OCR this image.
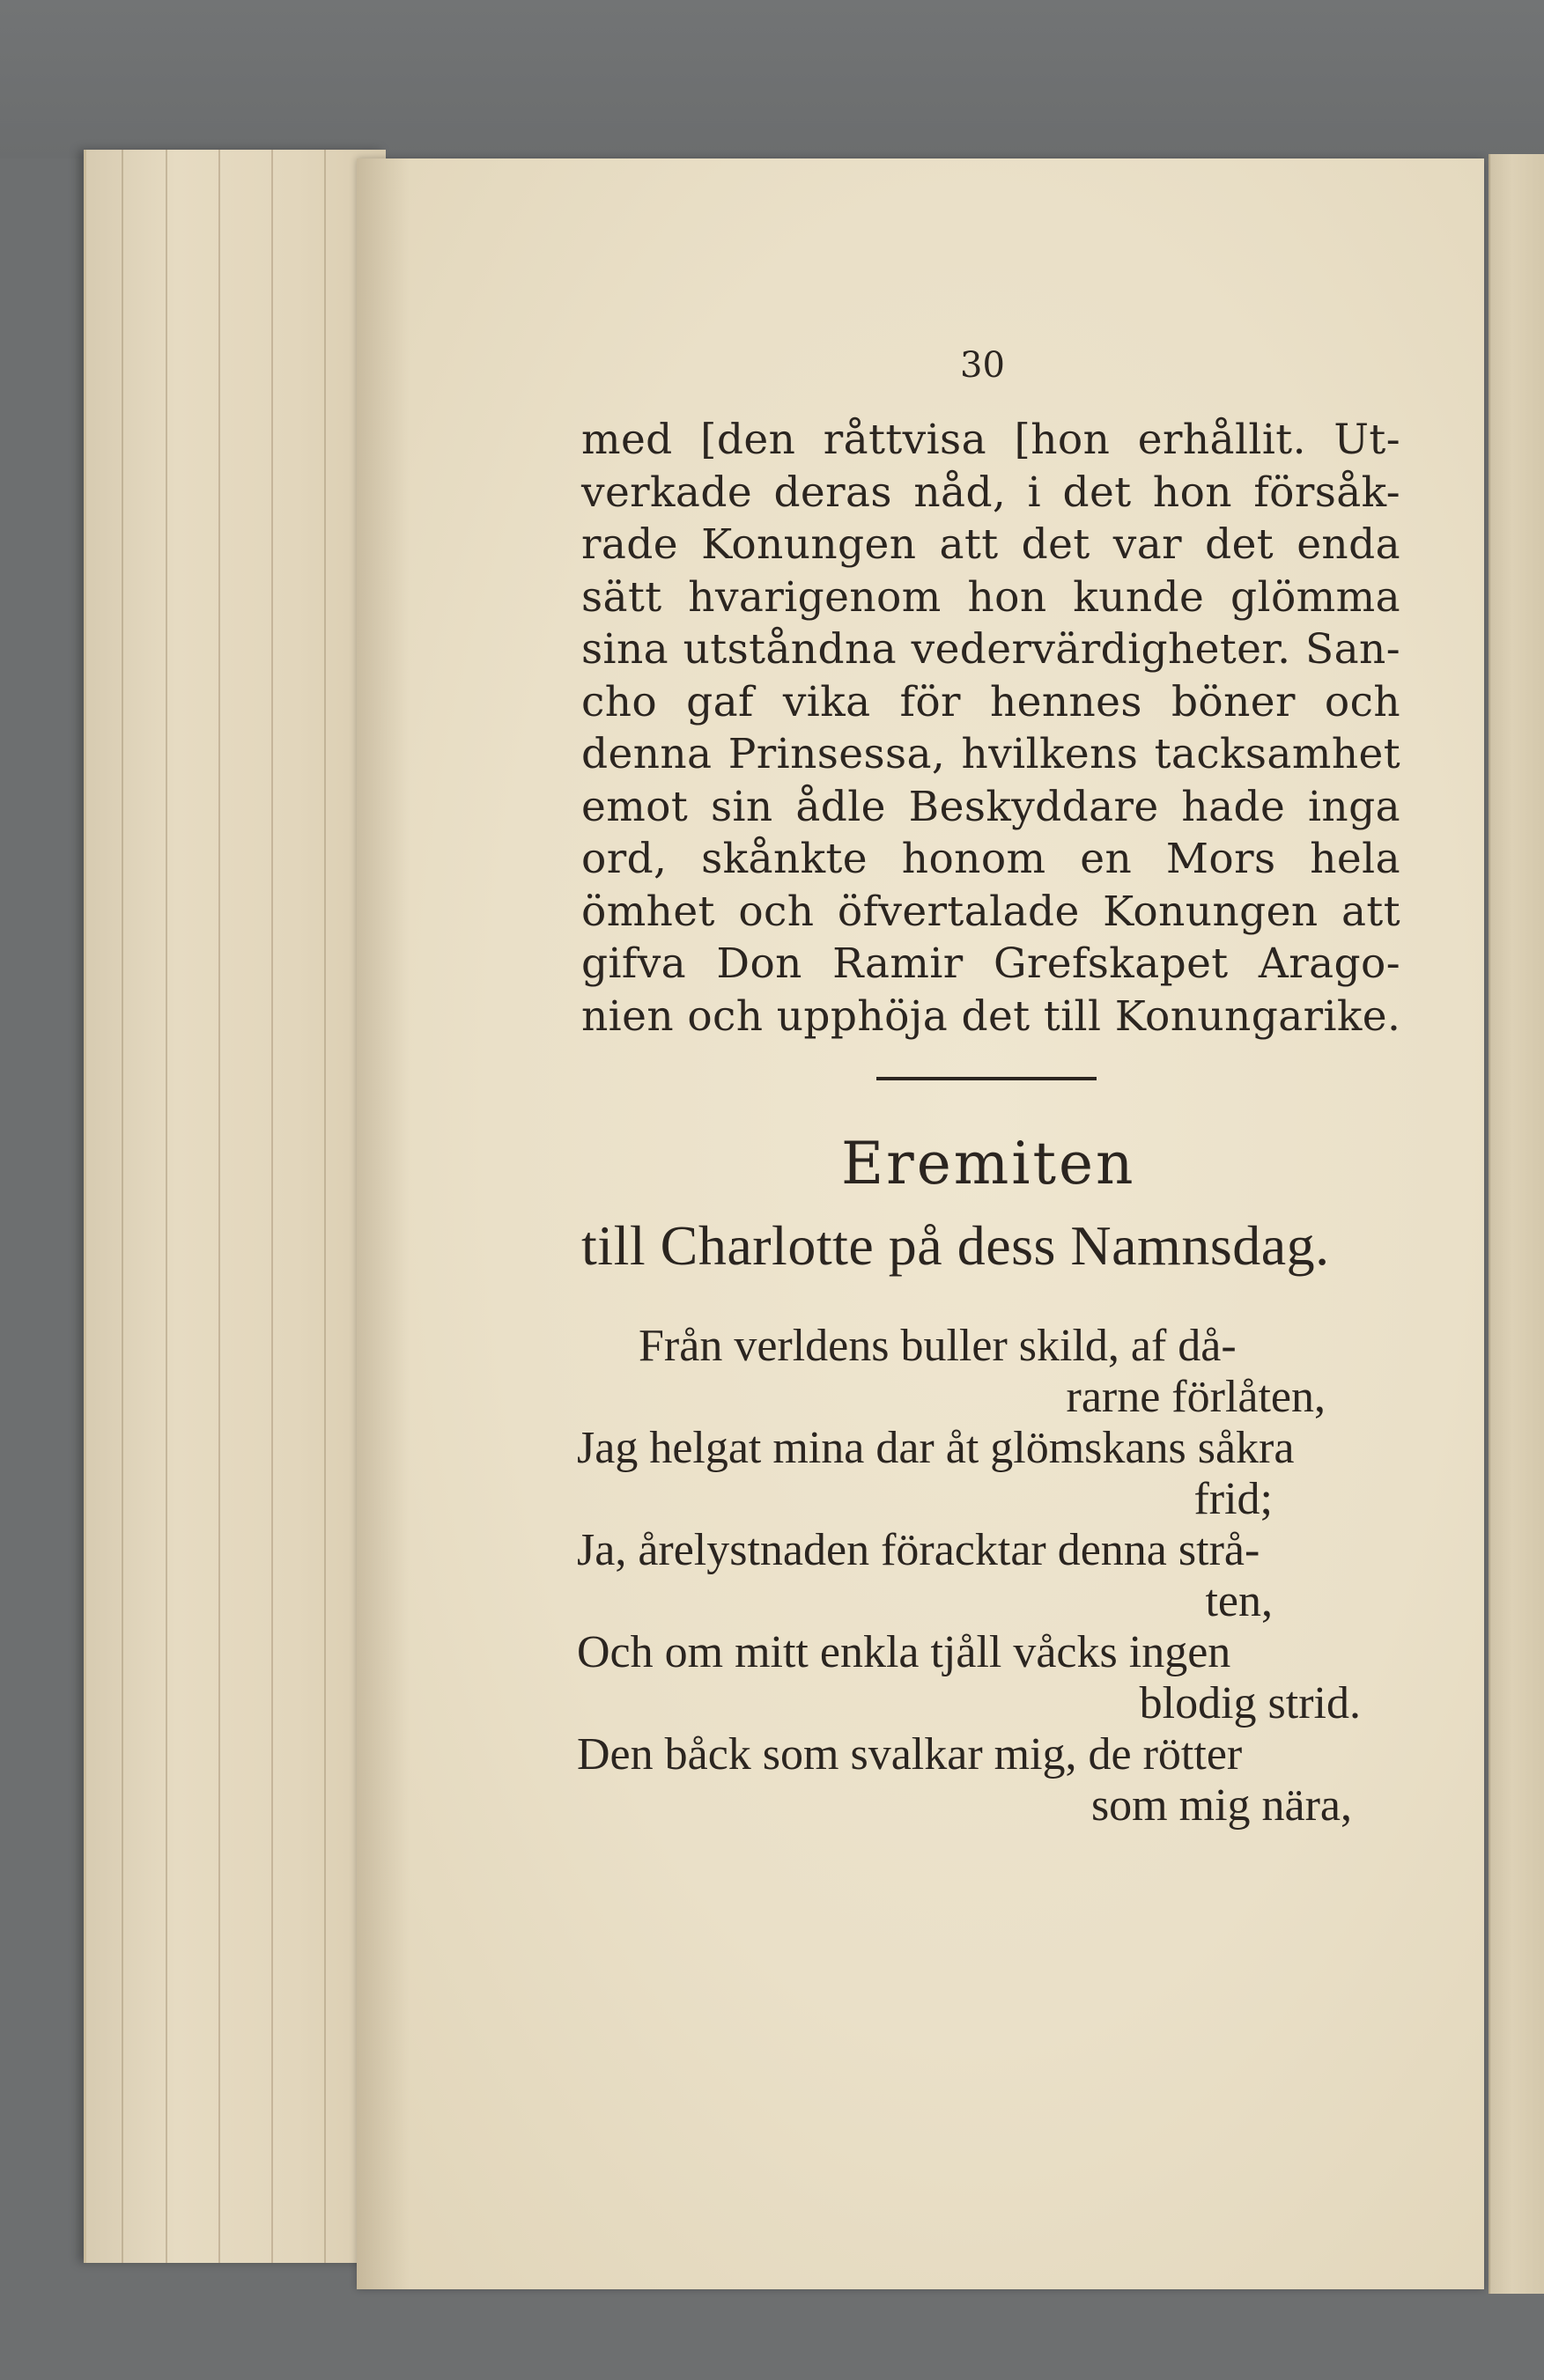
30
med [den råttvisa [hon erhållit. Ut-
verkade deras nåd, i det hon försåk-
rade Konungen att det var det enda
sätt hvarigenom hon kunde glömma
sina utståndna vedervärdigheter. San-
cho gaf vika för hennes böner och
denna Prinsessa, hvilkens tacksamhet
emot sin ådle Beskyddare hade inga
ord, skånkte honom en Mors hela
ömhet och öfvertalade Konungen att
gifva Don Ramir Grefskapet Arago-
nien och upphöja det till Konungarike.
Eremiten
till Charlotte på dess Namnsdag.
Från verldens buller skild, af då-
rarne förlåten,
Jag helgat mina dar åt glömskans såkra
frid;
Ja, årelystnaden föracktar denna strå-
ten,
Och om mitt enkla tjåll våcks ingen
blodig strid.
Den båck som svalkar mig, de rötter
som mig nära,
